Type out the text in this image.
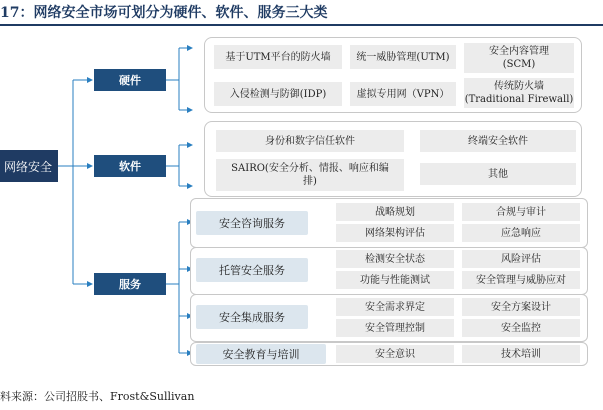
17：网络安全市场可划分为硬件、软件、服务三大类
网络安全
硬件
软件
服务
基于UTM平台的防火墙	统一威胁管理(UTM)	安全内容管理
(SCM)
入侵检测与防御(IDP)	虚拟专用网（VPN）
传统防火墙
(Traditional Firewall)
身份和数字信任软件	终端安全软件
SAIRO(安全分析、情报、响应和编
排)
其他
安全咨询服务
战略规划	合规与审计
网络架构评估	应急响应
托管安全服务
检测安全状态	风险评估
功能与性能测试	安全管理与威胁应对
安全集成服务
安全需求界定	安全方案设计
安全管理控制	安全监控
安全教育与培训	安全意识	技术培训
料来源：公司招股书、Frost&Sullivan
